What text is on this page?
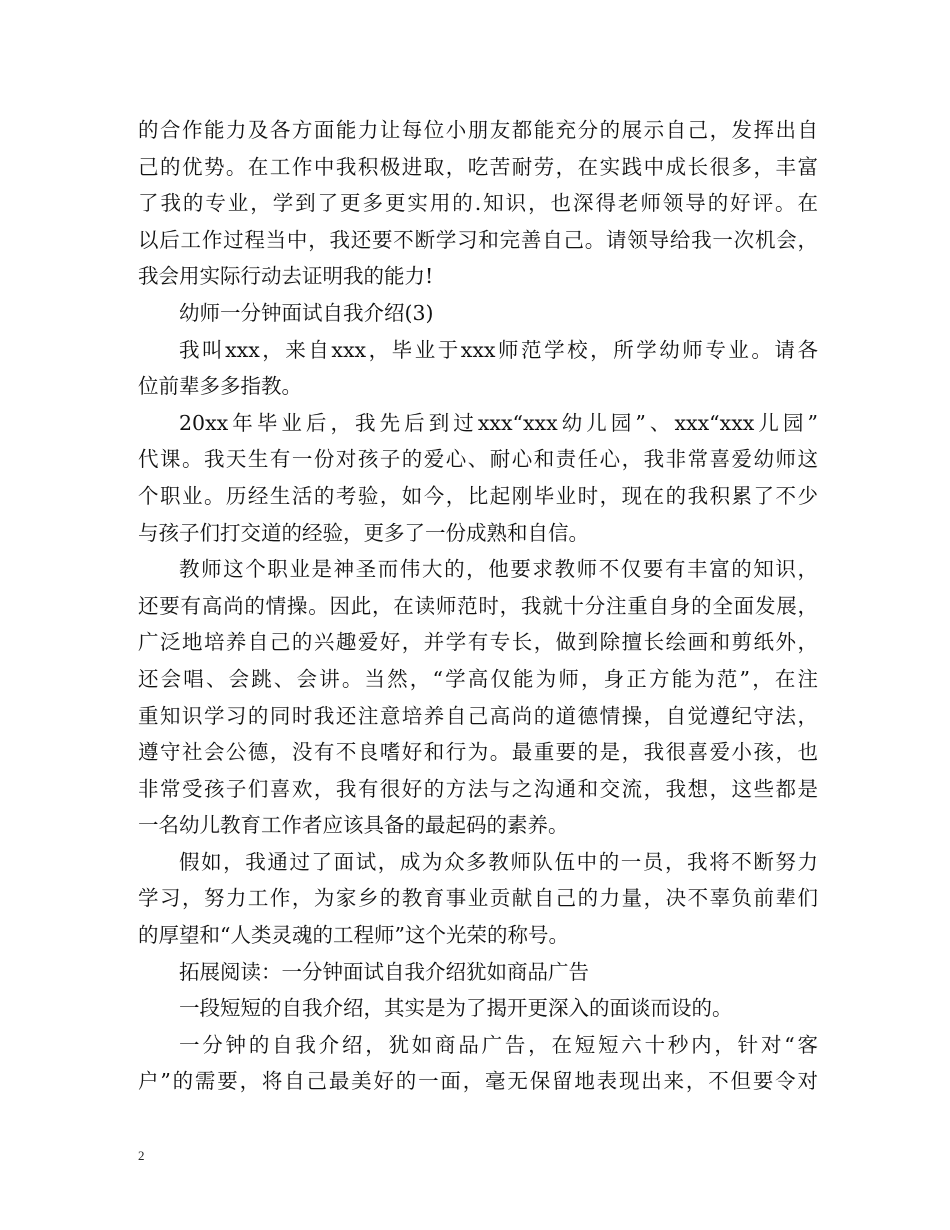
的合作能力及各方面能力让每位小朋友都能充分的展示自己，发挥出自
己的优势。在工作中我积极进取，吃苦耐劳，在实践中成长很多，丰富
了我的专业，学到了更多更实用的.知识，也深得老师领导的好评。在
以后工作过程当中，我还要不断学习和完善自己。请领导给我一次机会，
我会用实际行动去证明我的能力!
幼师一分钟面试自我介绍(3)
我叫xxx，来自xxx，毕业于xxx师范学校，所学幼师专业。请各
位前辈多多指教。
20xx年毕业后，我先后到过xxx“xxx幼儿园”、xxx“xxx儿园”
代课。我天生有一份对孩子的爱心、耐心和责任心，我非常喜爱幼师这
个职业。历经生活的考验，如今，比起刚毕业时，现在的我积累了不少
与孩子们打交道的经验，更多了一份成熟和自信。
教师这个职业是神圣而伟大的，他要求教师不仅要有丰富的知识，
还要有高尚的情操。因此，在读师范时，我就十分注重自身的全面发展，
广泛地培养自己的兴趣爱好，并学有专长，做到除擅长绘画和剪纸外，
还会唱、会跳、会讲。当然，“学高仅能为师，身正方能为范”，在注
重知识学习的同时我还注意培养自己高尚的道德情操，自觉遵纪守法，
遵守社会公德，没有不良嗜好和行为。最重要的是，我很喜爱小孩，也
非常受孩子们喜欢，我有很好的方法与之沟通和交流，我想，这些都是
一名幼儿教育工作者应该具备的最起码的素养。
假如，我通过了面试，成为众多教师队伍中的一员，我将不断努力
学习，努力工作，为家乡的教育事业贡献自己的力量，决不辜负前辈们
的厚望和“人类灵魂的工程师”这个光荣的称号。
拓展阅读：一分钟面试自我介绍犹如商品广告
一段短短的自我介绍，其实是为了揭开更深入的面谈而设的。
一分钟的自我介绍，犹如商品广告，在短短六十秒内，针对“客
户”的需要，将自己最美好的一面，毫无保留地表现出来，不但要令对
2
